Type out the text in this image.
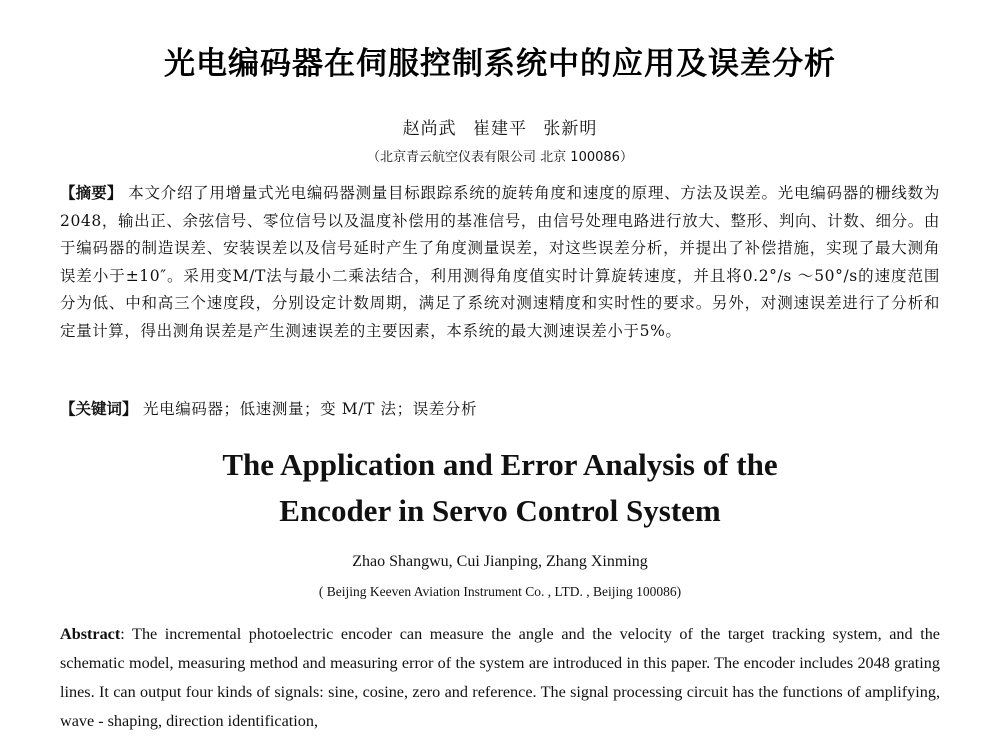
光电编码器在伺服控制系统中的应用及误差分析
赵尚武 崔建平 张新明
（北京青云航空仪表有限公司 北京 100086）
【摘要】 本文介绍了用增量式光电编码器测量目标跟踪系统的旋转角度和速度的原理、方法及误差。光电编码器的栅线数为2048，输出正、余弦信号、零位信号以及温度补偿用的基准信号，由信号处理电路进行放大、整形、判向、计数、细分。由于编码器的制造误差、安装误差以及信号延时产生了角度测量误差，对这些误差分析，并提出了补偿措施，实现了最大测角误差小于±10″。采用变M/T法与最小二乘法结合，利用测得角度值实时计算旋转速度，并且将0.2°/s ～50°/s的速度范围分为低、中和高三个速度段，分别设定计数周期，满足了系统对测速精度和实时性的要求。另外，对测速误差进行了分析和定量计算，得出测角误差是产生测速误差的主要因素，本系统的最大测速误差小于5%。
【关键词】 光电编码器；低速测量；变 M/T 法；误差分析
The Application and Error Analysis of the
Encoder in Servo Control System
Zhao Shangwu, Cui Jianping, Zhang Xinming
( Beijing Keeven Aviation Instrument Co. , LTD. , Beijing 100086)
Abstract: The incremental photoelectric encoder can measure the angle and the velocity of the target tracking system, and the schematic model, measuring method and measuring error of the system are introduced in this paper. The encoder includes 2048 grating lines. It can output four kinds of signals: sine, cosine, zero and reference. The signal processing circuit has the functions of amplifying, wave - shaping, direction identification,
